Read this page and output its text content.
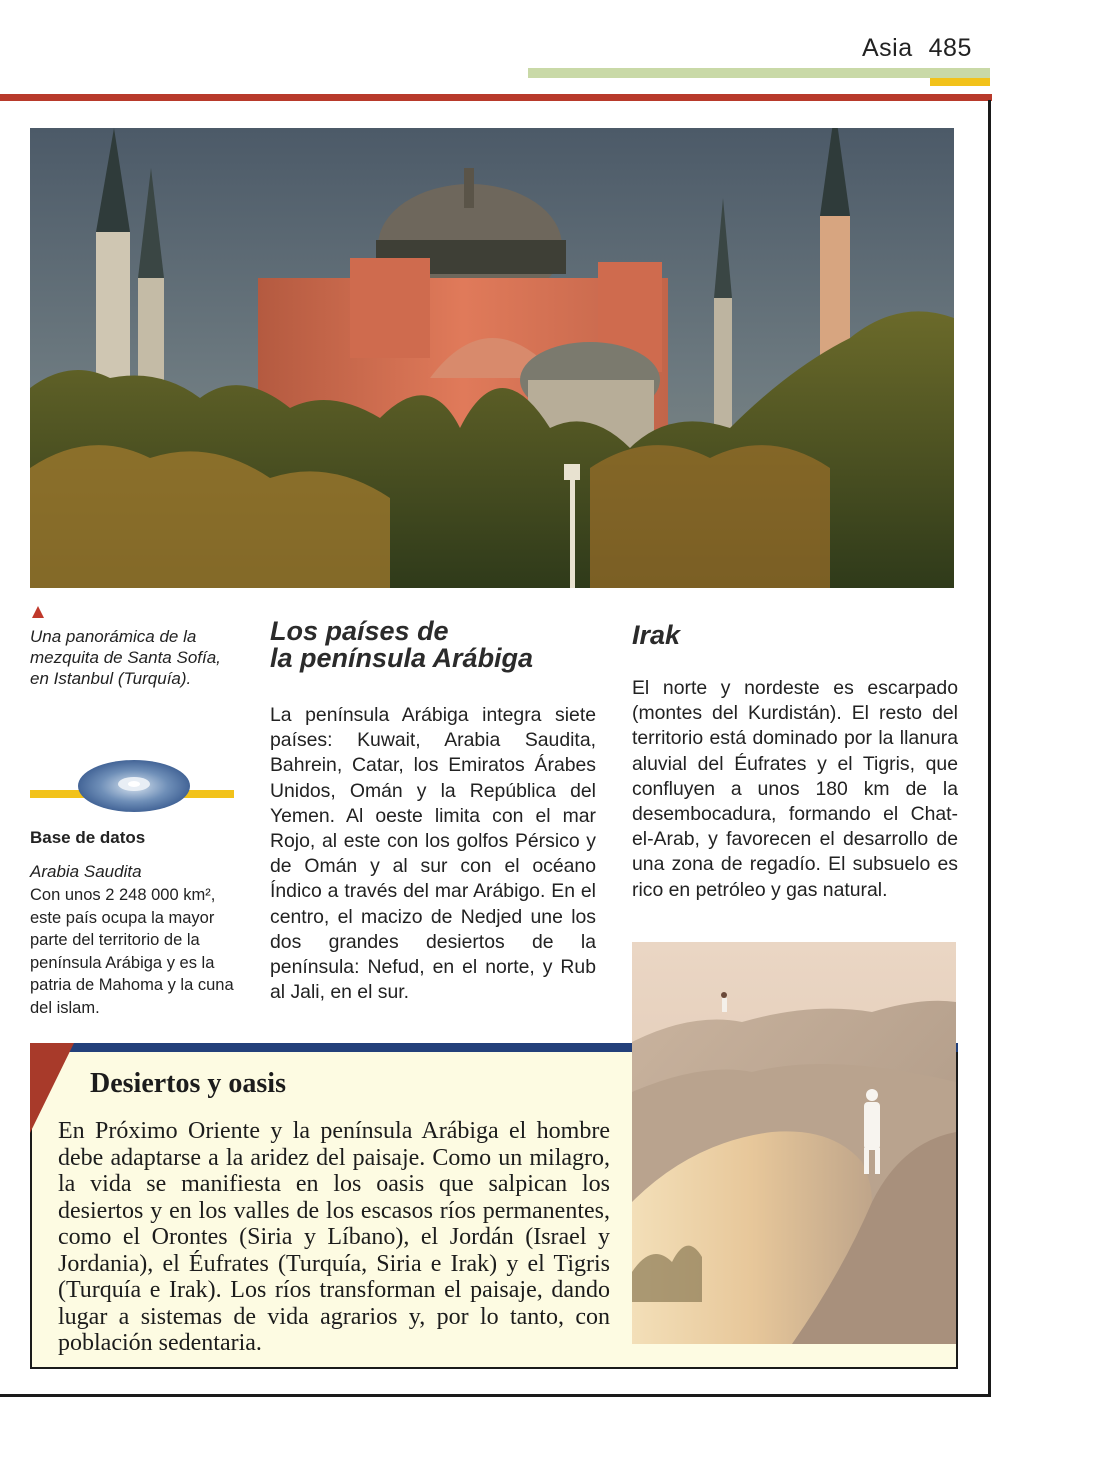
Asia 485
Una panorámica de la mezquita de Santa Sofía, en Istanbul (Turquía).
Base de datos
Arabia Saudita
Con unos 2 248 000 km², este país ocupa la mayor parte del territorio de la península Arábiga y es la patria de Mahoma y la cuna del islam.
Los países de
la península Arábiga
La península Arábiga integra siete países: Kuwait, Arabia Saudita, Bahrein, Catar, los Emiratos Árabes Unidos, Omán y la República del Yemen. Al oeste limita con el mar Rojo, al este con los golfos Pérsico y de Omán y al sur con el océano Índico a través del mar Arábigo. En el centro, el macizo de Nedjed une los dos grandes desiertos de la península: Nefud, en el norte, y Rub al Jali, en el sur.
Irak
El norte y nordeste es escarpado (montes del Kurdistán). El resto del territorio está dominado por la llanura aluvial del Éufrates y el Tigris, que confluyen a unos 180 km de la desembocadura, formando el Chat-el-Arab, y favorecen el desarrollo de una zona de regadío. El subsuelo es rico en petróleo y gas natural.
Desiertos y oasis
En Próximo Oriente y la península Arábiga el hombre debe adaptarse a la aridez del paisaje. Como un milagro, la vida se manifiesta en los oasis que salpican los desiertos y en los valles de los escasos ríos permanentes, como el Orontes (Siria y Líbano), el Jordán (Israel y Jordania), el Éufrates (Turquía, Siria e Irak) y el Tigris (Turquía e Irak). Los ríos transforman el paisaje, dando lugar a sistemas de vida agrarios y, por lo tanto, con población sedentaria.
